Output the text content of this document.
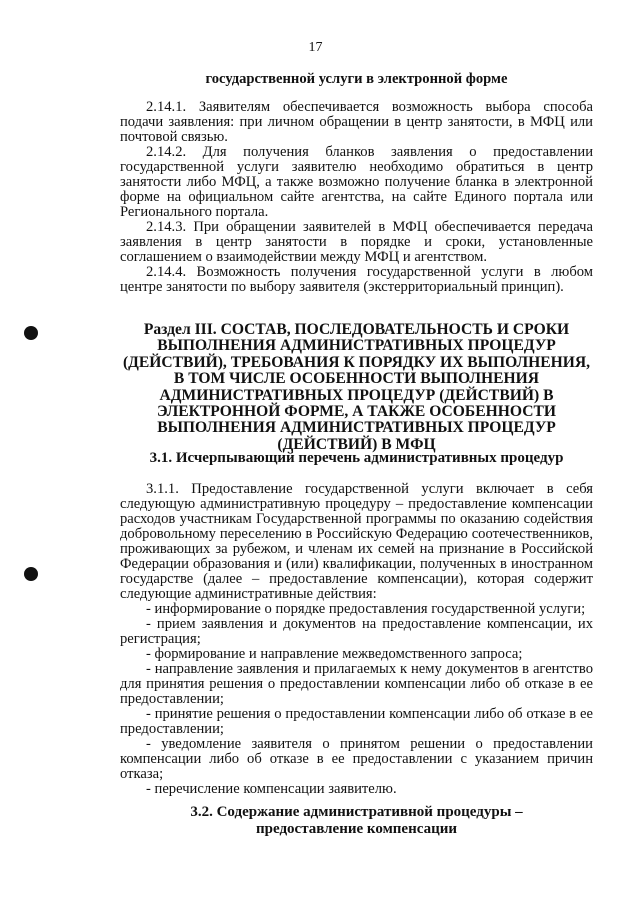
17

государственной услуги в электронной форме

2.14.1. Заявителям обеспечивается возможность выбора способа подачи заявления: при личном обращении в центр занятости, в МФЦ или почтовой связью.

2.14.2. Для получения бланков заявления о предоставлении государственной услуги заявителю необходимо обратиться в центр занятости либо МФЦ, а также возможно получение бланка в электронной форме на официальном сайте агентства, на сайте Единого портала или Регионального портала.

2.14.3. При обращении заявителей в МФЦ обеспечивается передача заявления в центр занятости в порядке и сроки, установленные соглашением о взаимодействии между МФЦ и агентством.

2.14.4. Возможность получения государственной услуги в любом центре занятости по выбору заявителя (экстерриториальный принцип).

Раздел III. СОСТАВ, ПОСЛЕДОВАТЕЛЬНОСТЬ И СРОКИ ВЫПОЛНЕНИЯ АДМИНИСТРАТИВНЫХ ПРОЦЕДУР (ДЕЙСТВИЙ), ТРЕБОВАНИЯ К ПОРЯДКУ ИХ ВЫПОЛНЕНИЯ, В ТОМ ЧИСЛЕ ОСОБЕННОСТИ ВЫПОЛНЕНИЯ АДМИНИСТРАТИВНЫХ ПРОЦЕДУР (ДЕЙСТВИЙ) В ЭЛЕКТРОННОЙ ФОРМЕ, А ТАКЖЕ ОСОБЕННОСТИ ВЫПОЛНЕНИЯ АДМИНИСТРАТИВНЫХ ПРОЦЕДУР (ДЕЙСТВИЙ) В МФЦ
3.1. Исчерпывающий перечень административных процедур

3.1.1. Предоставление государственной услуги включает в себя следующую административную процедуру – предоставление компенсации расходов участникам Государственной программы по оказанию содействия добровольному переселению в Российскую Федерацию соотечественников, проживающих за рубежом, и членам их семей на признание в Российской Федерации образования и (или) квалификации, полученных в иностранном государстве (далее – предоставление компенсации), которая содержит следующие административные действия:

- информирование о порядке предоставления государственной услуги;

- прием заявления и документов на предоставление компенсации, их регистрация;

- формирование и направление межведомственного запроса;

- направление заявления и прилагаемых к нему документов в агентство для принятия решения о предоставлении компенсации либо об отказе в ее предоставлении;

- принятие решения о предоставлении компенсации либо об отказе в ее предоставлении;

- уведомление заявителя о принятом решении о предоставлении компенсации либо об отказе в ее предоставлении с указанием причин отказа;

- перечисление компенсации заявителю.

3.2. Содержание административной процедуры –
предоставление компенсации
